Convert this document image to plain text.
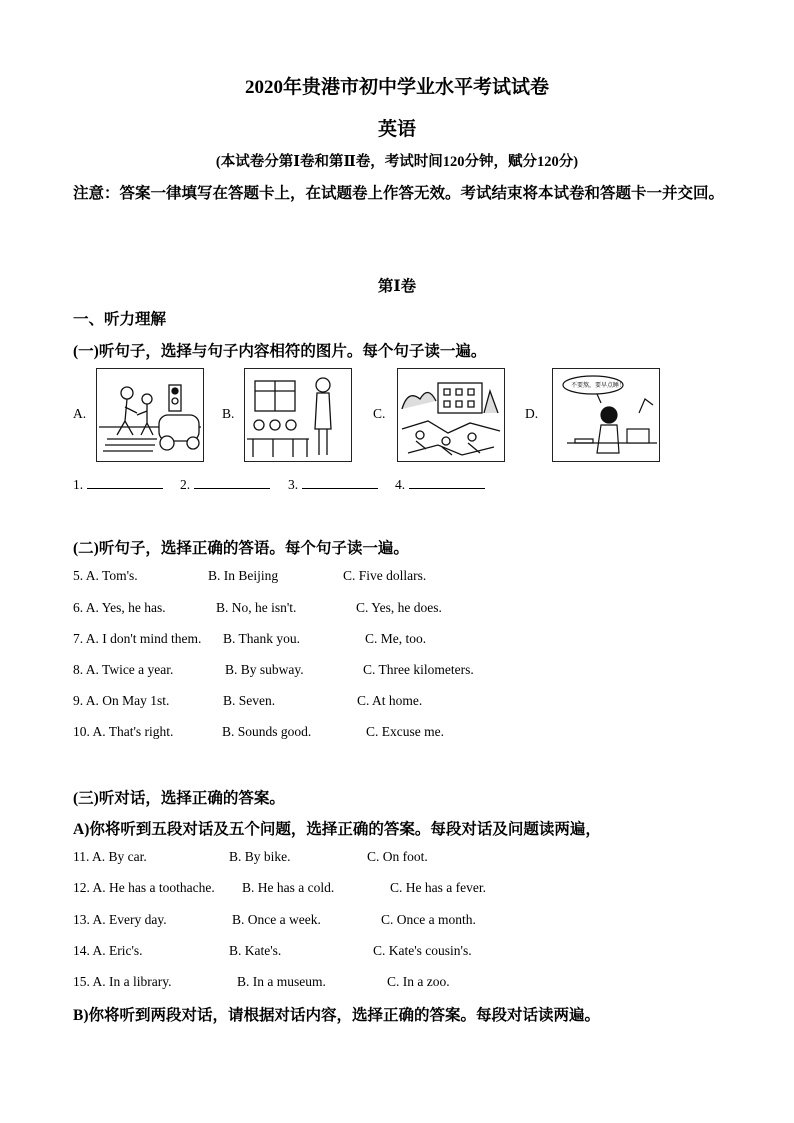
2020年贵港市初中学业水平考试试卷
英语
(本试卷分第Ⅰ卷和第Ⅱ卷，考试时间120分钟，赋分120分)
注意：答案一律填写在答题卡上，在试题卷上作答无效。考试结束将本试卷和答题卡一并交回。
第Ⅰ卷
一、听力理解
(一)听句子，选择与句子内容相符的图片。每个句子读一遍。
A.	B.	C.	D.
不要熬，要早点睡！
1.	2.	3.	4.
(二)听句子，选择正确的答语。每个句子读一遍。
5. A. Tom's.	B. In Beijing	C. Five dollars.
6. A. Yes, he has.	B. No, he isn't.	C. Yes, he does.
7. A. I don't mind them. B. Thank you.	C. Me, too.
8. A. Twice a year.	B. By subway.	C. Three kilometers.
9. A. On May 1st.	B. Seven.	C. At home.
10. A. That's right.	B. Sounds good.	C. Excuse me.
(三)听对话，选择正确的答案。
A)你将听到五段对话及五个问题，选择正确的答案。每段对话及问题读两遍，
11. A. By car.	B. By bike.	C. On foot.
12. A. He has a toothache. B. He has a cold.	C. He has a fever.
13. A. Every day.	B. Once a week.	C. Once a month.
14. A. Eric's.	B. Kate's.	C. Kate's cousin's.
15. A. In a library.	B. In a museum.	C. In a zoo.
B)你将听到两段对话，请根据对话内容，选择正确的答案。每段对话读两遍。
